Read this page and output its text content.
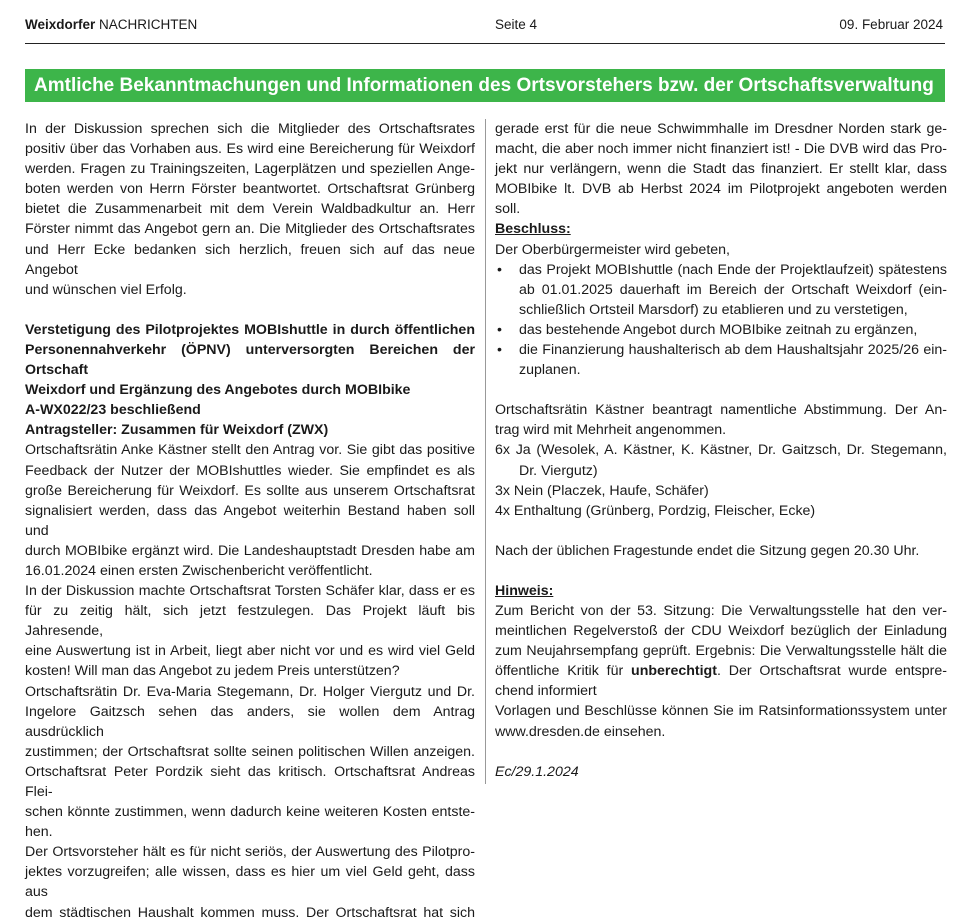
Weixdorfer NACHRICHTEN	Seite 4	09. Februar 2024
Amtliche Bekanntmachungen und Informationen des Ortsvorstehers bzw. der Ortschaftsverwaltung

In der Diskussion sprechen sich die Mitglieder des Ortschaftsrates

positiv über das Vorhaben aus. Es wird eine Bereicherung für Weixdorf

werden. Fragen zu Trainingszeiten, Lagerplätzen und speziellen Ange-

boten werden von Herrn Förster beantwortet. Ortschaftsrat Grünberg

bietet die Zusammenarbeit mit dem Verein Waldbadkultur an. Herr

Förster nimmt das Angebot gern an. Die Mitglieder des Ortschaftsrates

und Herr Ecke bedanken sich herzlich, freuen sich auf das neue Angebot

und wünschen viel Erfolg.

Verstetigung des Pilotprojektes MOBIshuttle in durch öffentlichen

Personennahverkehr (ÖPNV) unterversorgten Bereichen der Ortschaft

Weixdorf und Ergänzung des Angebotes durch MOBIbike

A-WX022/23 beschließend

Antragsteller: Zusammen für Weixdorf (ZWX)

Ortschaftsrätin Anke Kästner stellt den Antrag vor. Sie gibt das positive

Feedback der Nutzer der MOBIshuttles wieder. Sie empfindet es als

große Bereicherung für Weixdorf. Es sollte aus unserem Ortschaftsrat

signalisiert werden, dass das Angebot weiterhin Bestand haben soll und

durch MOBIbike ergänzt wird. Die Landeshauptstadt Dresden habe am

16.01.2024 einen ersten Zwischenbericht veröffentlicht.

In der Diskussion machte Ortschaftsrat Torsten Schäfer klar, dass er es

für zu zeitig hält, sich jetzt festzulegen. Das Projekt läuft bis Jahresende,

eine Auswertung ist in Arbeit, liegt aber nicht vor und es wird viel Geld

kosten! Will man das Angebot zu jedem Preis unterstützen?

Ortschaftsrätin Dr. Eva-Maria Stegemann, Dr. Holger Viergutz und Dr.

Ingelore Gaitzsch sehen das anders, sie wollen dem Antrag ausdrücklich

zustimmen; der Ortschaftsrat sollte seinen politischen Willen anzeigen.

Ortschaftsrat Peter Pordzik sieht das kritisch. Ortschaftsrat Andreas Flei-

schen könnte zustimmen, wenn dadurch keine weiteren Kosten entste-

hen.

Der Ortsvorsteher hält es für nicht seriös, der Auswertung des Pilotpro-

jektes vorzugreifen; alle wissen, dass es hier um viel Geld geht, dass aus

dem städtischen Haushalt kommen muss. Der Ortschaftsrat hat sich

gerade erst für die neue Schwimmhalle im Dresdner Norden stark ge-

macht, die aber noch immer nicht finanziert ist! - Die DVB wird das Pro-

jekt nur verlängern, wenn die Stadt das finanziert. Er stellt klar, dass

MOBIbike lt. DVB ab Herbst 2024 im Pilotprojekt angeboten werden

soll.

Beschluss:

Der Oberbürgermeister wird gebeten,

• das Projekt MOBIshuttle (nach Ende der Projektlaufzeit) spätestens

ab 01.01.2025 dauerhaft im Bereich der Ortschaft Weixdorf (ein-

schließlich Ortsteil Marsdorf) zu etablieren und zu verstetigen,

• das bestehende Angebot durch MOBIbike zeitnah zu ergänzen,

• die Finanzierung haushalterisch ab dem Haushaltsjahr 2025/26 ein-

zuplanen.

Ortschaftsrätin Kästner beantragt namentliche Abstimmung. Der An-

trag wird mit Mehrheit angenommen.

6x Ja (Wesolek, A. Kästner, K. Kästner, Dr. Gaitzsch, Dr. Stegemann,

Dr. Viergutz)

3x Nein (Placzek, Haufe, Schäfer)

4x Enthaltung (Grünberg, Pordzig, Fleischer, Ecke)

Nach der üblichen Fragestunde endet die Sitzung gegen 20.30 Uhr.

Hinweis:

Zum Bericht von der 53. Sitzung: Die Verwaltungsstelle hat den ver-

meintlichen Regelverstoß der CDU Weixdorf bezüglich der Einladung

zum Neujahrsempfang geprüft. Ergebnis: Die Verwaltungsstelle hält die

öffentliche Kritik für unberechtigt. Der Ortschaftsrat wurde entspre-

chend informiert

Vorlagen und Beschlüsse können Sie im Ratsinformationssystem unter

www.dresden.de einsehen.

Ec/29.1.2024
